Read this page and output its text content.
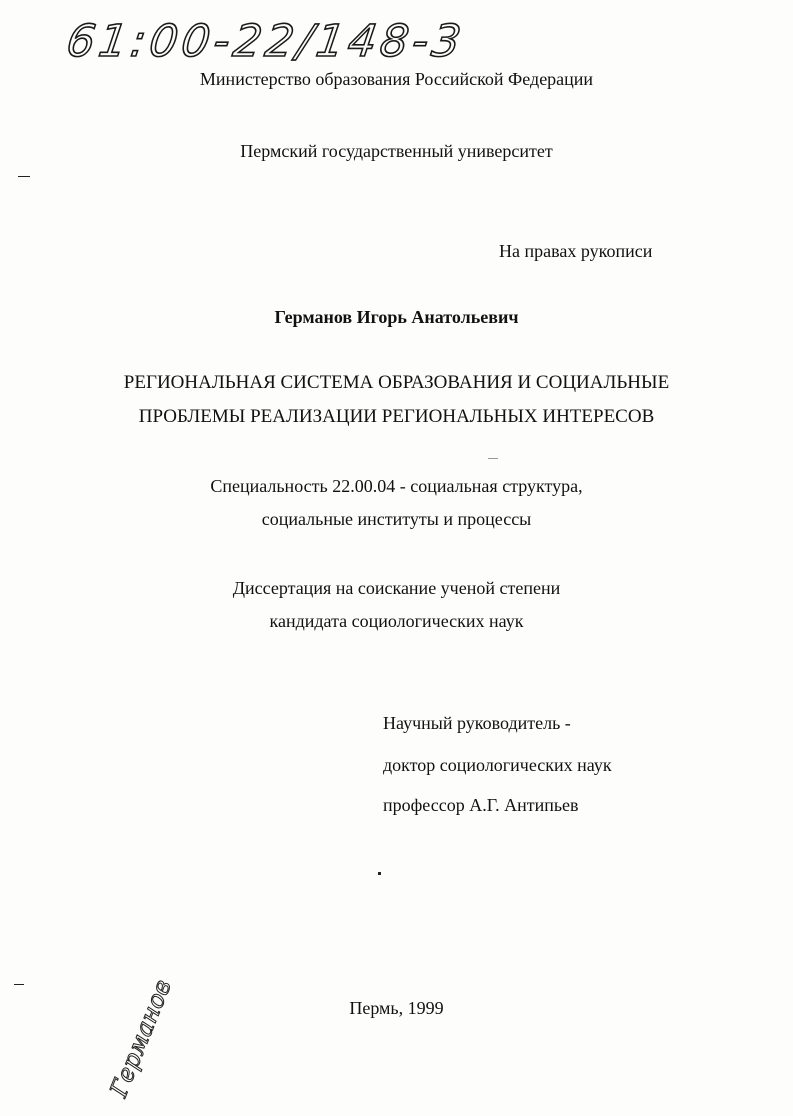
61:00-22/148-3
Министерство образования Российской Федерации
Пермский государственный университет
На правах рукописи
Германов Игорь Анатольевич
РЕГИОНАЛЬНАЯ СИСТЕМА ОБРАЗОВАНИЯ И СОЦИАЛЬНЫЕ
ПРОБЛЕМЫ РЕАЛИЗАЦИИ РЕГИОНАЛЬНЫХ ИНТЕРЕСОВ
Специальность 22.00.04 - социальная структура,
социальные институты и процессы
Диссертация на соискание ученой степени
кандидата социологических наук
Научный руководитель -
доктор социологических наук
профессор А.Г. Антипьев
Пермь, 1999
Германов
